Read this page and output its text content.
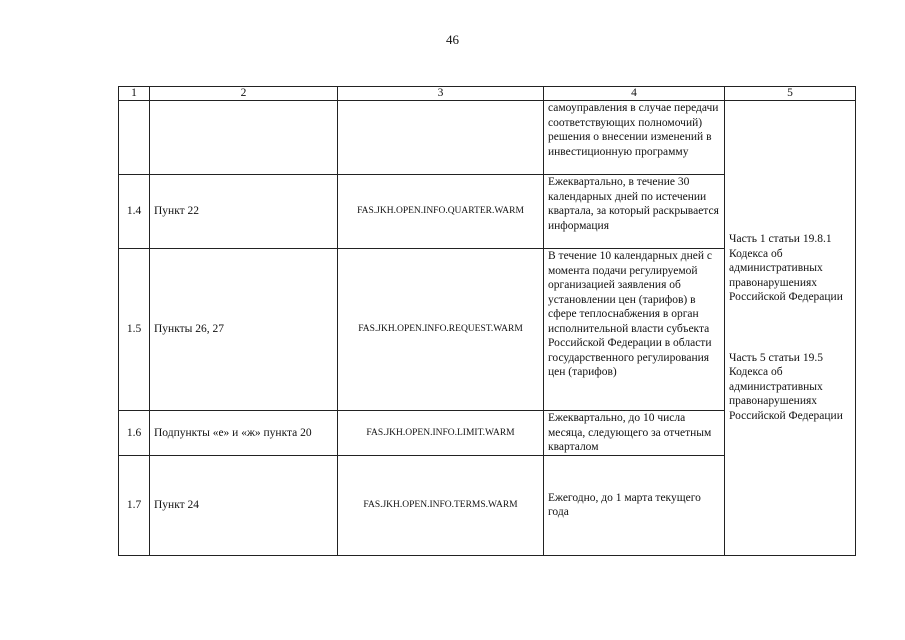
46
1	2	3	4	5
			самоуправления в случае передачи соответствующих полномочий) решения о внесении изменений в инвестиционную программу	Часть 1 статьи 19.8.1 Кодекса об административных правонарушениях Российской Федерации
Часть 5 статьи 19.5 Кодекса об административных правонарушениях Российской Федерации

1.4	Пункт 22	FAS.JKH.OPEN.INFO.QUARTER.WARM	Ежеквартально, в течение 30 календарных дней по истечении квартала, за который раскрывается информация	
1.5	Пункты 26, 27	FAS.JKH.OPEN.INFO.REQUEST.WARM	В течение 10 календарных дней с момента подачи регулируемой организацией заявления об установлении цен (тарифов) в сфере теплоснабжения в орган исполнительной власти субъекта Российской Федерации в области государственного регулирования цен (тарифов)	
1.6	Подпункты «е» и «ж» пункта 20	FAS.JKH.OPEN.INFO.LIMIT.WARM	Ежеквартально, до 10 числа месяца, следующего за отчетным кварталом	
1.7	Пункт 24	FAS.JKH.OPEN.INFO.TERMS.WARM	Ежегодно, до 1 марта текущего года	
